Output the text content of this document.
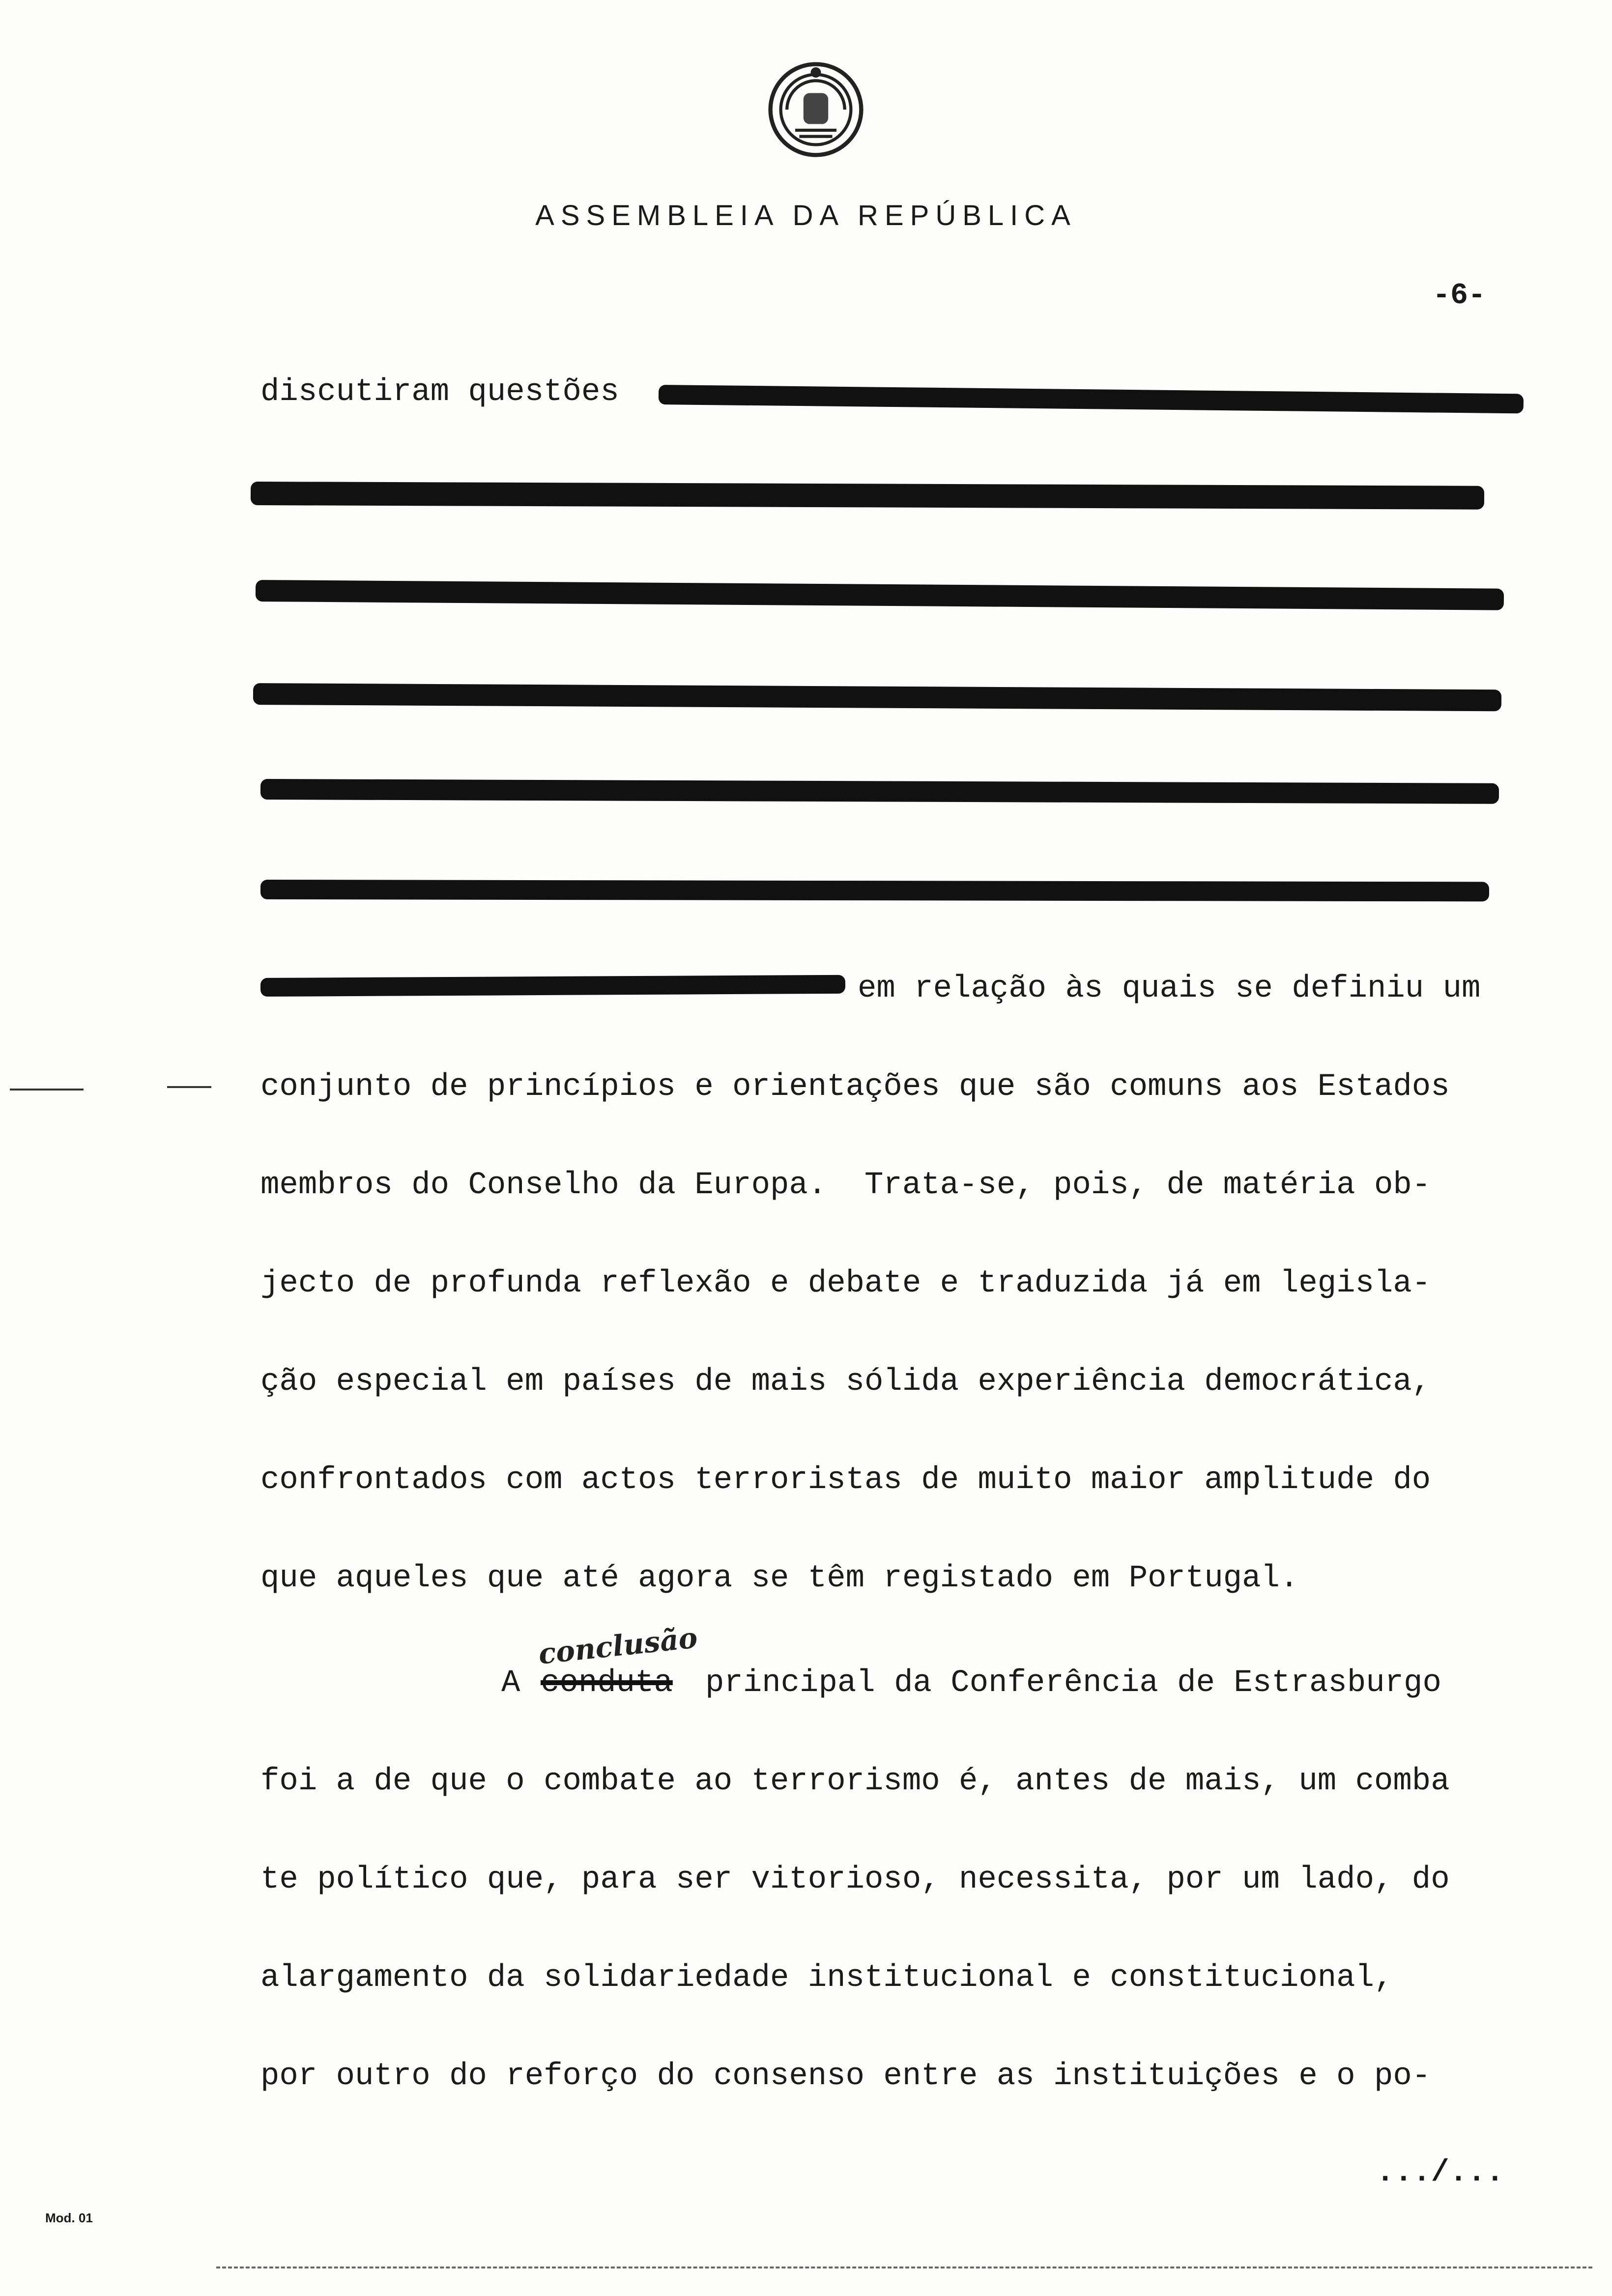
ASSEMBLEIA DA REPÚBLICA
-6-
discutiram questões
em relação às quais se definiu um
conjunto de princípios e orientações que são comuns aos Estados
membros do Conselho da Europa.  Trata-se, pois, de matéria ob-
jecto de profunda reflexão e debate e traduzida já em legisla-
ção especial em países de mais sólida experiência democrática,
confrontados com actos terroristas de muito maior amplitude do
que aqueles que até agora se têm registado em Portugal.
conclusão
A conduta principal da Conferência de Estrasburgo
foi a de que o combate ao terrorismo é, antes de mais, um comba
te político que, para ser vitorioso, necessita, por um lado, do
alargamento da solidariedade institucional e constitucional,
por outro do reforço do consenso entre as instituições e o po-
.../...
Mod. 01
